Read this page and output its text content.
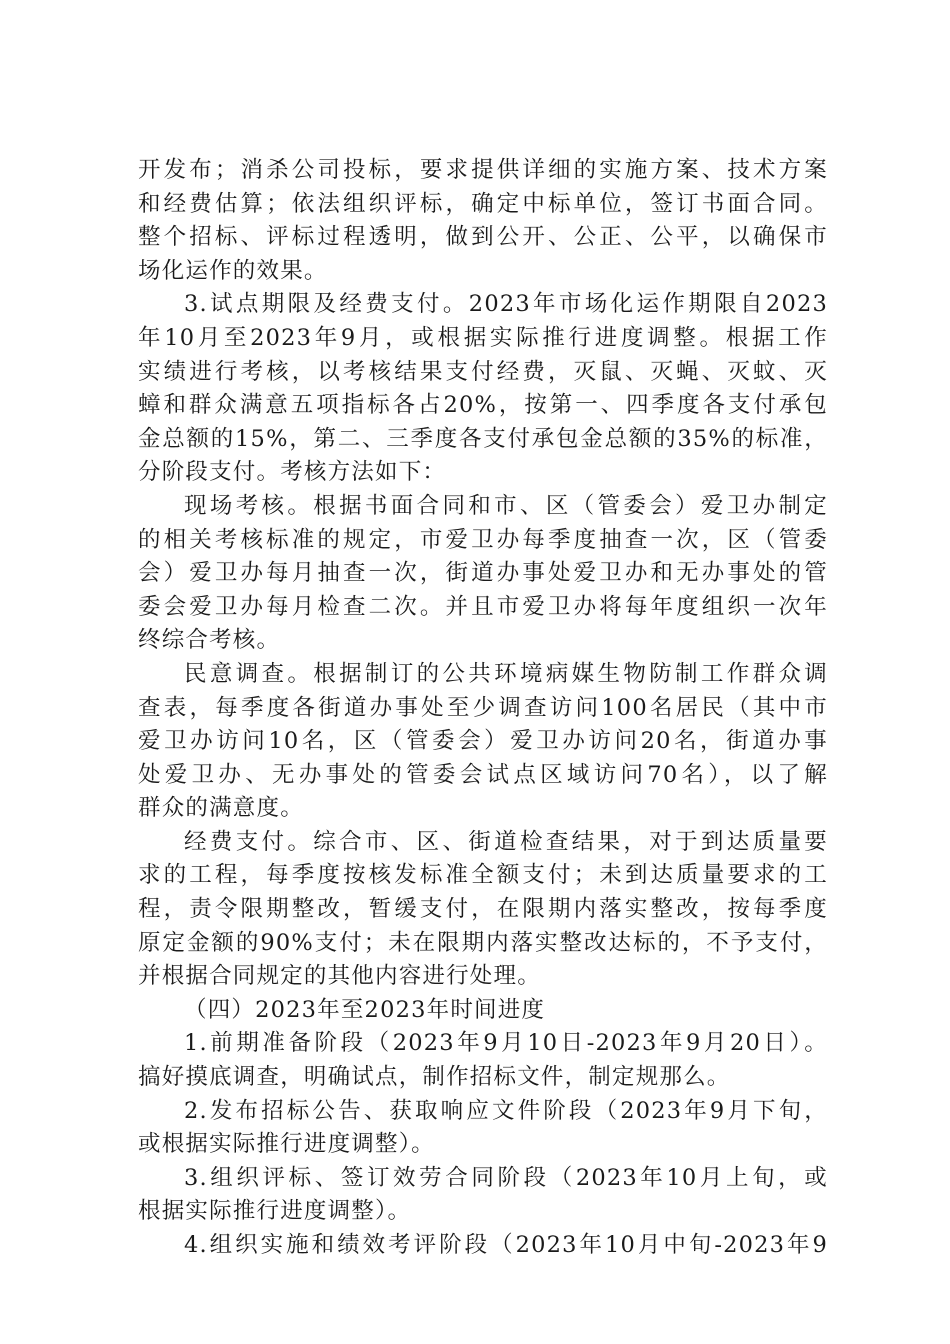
开发布；消杀公司投标，要求提供详细的实施方案、技术方案
和经费估算；依法组织评标，确定中标单位，签订书面合同。
整个招标、评标过程透明，做到公开、公正、公平，以确保市
场化运作的效果。
3.试点期限及经费支付。2023年市场化运作期限自2023
年10月至2023年9月，或根据实际推行进度调整。根据工作
实绩进行考核，以考核结果支付经费，灭鼠、灭蝇、灭蚊、灭
蟑和群众满意五项指标各占20%，按第一、四季度各支付承包
金总额的15%，第二、三季度各支付承包金总额的35%的标准，
分阶段支付。考核方法如下：
现场考核。根据书面合同和市、区（管委会）爱卫办制定
的相关考核标准的规定，市爱卫办每季度抽查一次，区（管委
会）爱卫办每月抽查一次，街道办事处爱卫办和无办事处的管
委会爱卫办每月检查二次。并且市爱卫办将每年度组织一次年
终综合考核。
民意调查。根据制订的公共环境病媒生物防制工作群众调
查表，每季度各街道办事处至少调查访问100名居民（其中市
爱卫办访问10名，区（管委会）爱卫办访问20名，街道办事
处爱卫办、无办事处的管委会试点区域访问70名），以了解
群众的满意度。
经费支付。综合市、区、街道检查结果，对于到达质量要
求的工程，每季度按核发标准全额支付；未到达质量要求的工
程，责令限期整改，暂缓支付，在限期内落实整改，按每季度
原定金额的90%支付；未在限期内落实整改达标的，不予支付，
并根据合同规定的其他内容进行处理。
（四）2023年至2023年时间进度
1.前期准备阶段（2023年9月10日-2023年9月20日）。
搞好摸底调查，明确试点，制作招标文件，制定规那么。
2.发布招标公告、获取响应文件阶段（2023年9月下旬，
或根据实际推行进度调整）。
3.组织评标、签订效劳合同阶段（2023年10月上旬，或
根据实际推行进度调整）。
4.组织实施和绩效考评阶段（2023年10月中旬-2023年9
